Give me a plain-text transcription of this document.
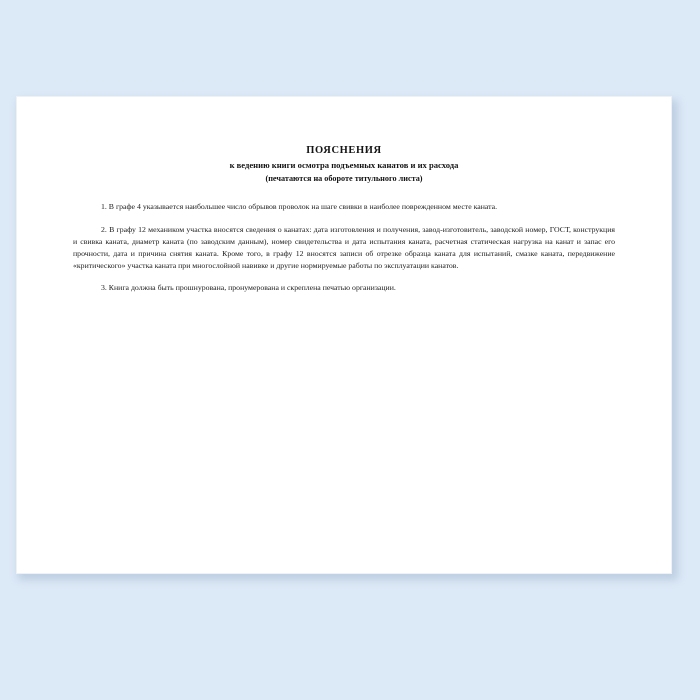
ПОЯСНЕНИЯ
к ведению книги осмотра подъемных канатов и их расхода
(печатаются на обороте титульного листа)

1. В графе 4 указывается наибольшее число обрывов проволок на шаге свивки в наиболее поврежденном месте каната.

2. В графу 12 механиком участка вносятся сведения о канатах: дата изготовления и получения, завод-изготовитель, заводской номер, ГОСТ, конструкция и свивка каната, диаметр каната (по заводским данным), номер свидетельства и дата испытания каната, расчетная статическая нагрузка на канат и запас его прочности, дата и причина снятия каната. Кроме того, в графу 12 вносятся записи об отрезке образца каната для испытаний, смазке каната, передвижение «критического» участка каната при многослойной навивке и другие нормируемые работы по эксплуатации канатов.

3. Книга должна быть прошнурована, пронумерована и скреплена печатью организации.
